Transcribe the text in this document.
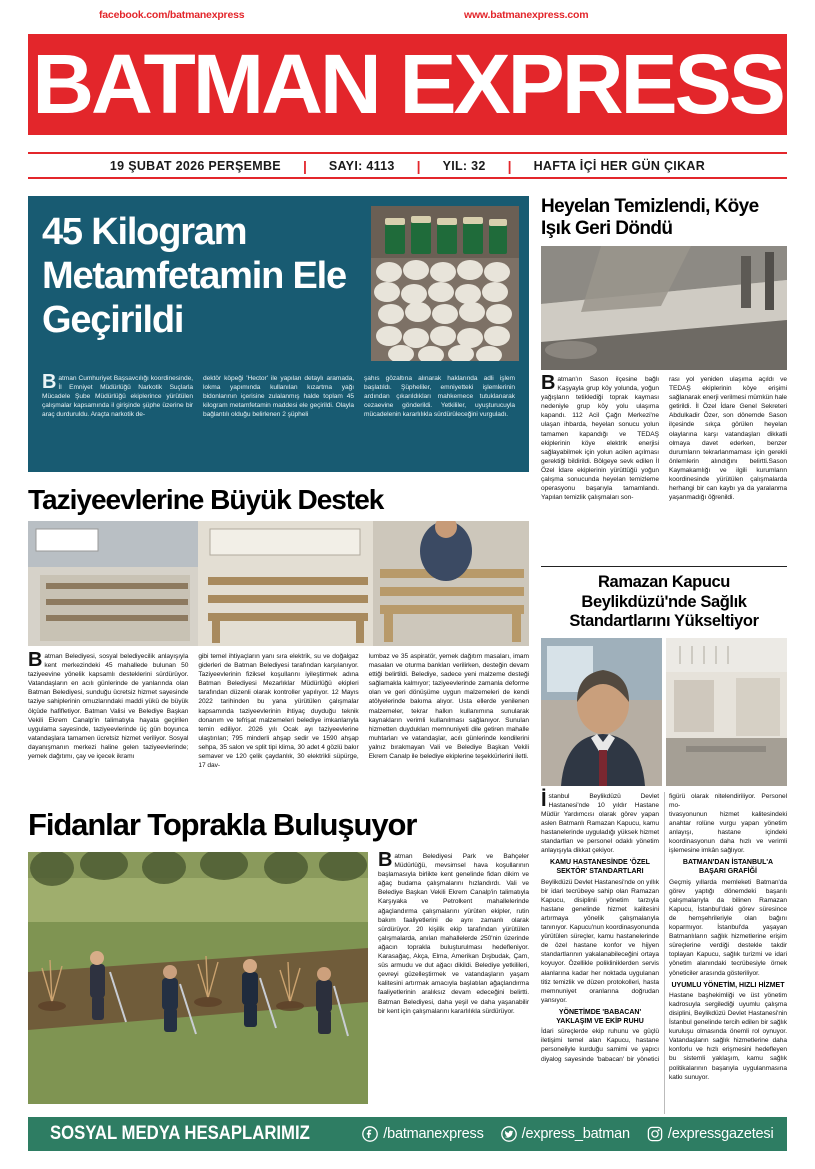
BATMAN EXPRESS
facebook.com/batmanexpress	www.batmanexpress.com
19 ŞUBAT 2026 PERŞEMBE	|	SAYI: 4113	|	YIL: 32	|	HAFTA İÇİ HER GÜN ÇIKAR
45 Kilogram Metamfetamin Ele Geçirildi

Batman Cumhuriyet Başsavcılığı koordinesinde, İl Emniyet Müdürlüğü Narkotik Suçlarla Mücadele Şube Müdürlüğü ekiplerince yürütülen çalışmalar kapsamında il girişinde şüphe üzerine bir araç durduruldu. Araçta narkotik de-

dektör köpeği 'Hector' ile yapılan detaylı aramada, lokma yapımında kullanılan kızartma yağı bidonlarının içerisine zulalanmış halde toplam 45 kilogram metamfetamin maddesi ele geçirildi. Olayla bağlantılı olduğu belirlenen 2 şüpheli

şahıs gözaltına alınarak haklarında adli işlem başlatıldı. Şüpheliler, emniyetteki işlemlerinin ardından çıkarıldıkları mahkemece tutuklanarak cezaevine gönderildi. Yetkililer, uyuşturucuyla mücadelenin kararlılıkla sürdürüleceğini vurguladı.

Heyelan Temizlendi, Köye Işık Geri Döndü

Batman'ın Sason ilçesine bağlı Kaşyayla grup köy yolunda, yoğun yağışların tetiklediği toprak kayması nedeniyle grup köy yolu ulaşıma kapandı. 112 Acil Çağrı Merkezi'ne ulaşan ihbarda, heyelan sonucu yolun tamamen kapandığı ve TEDAŞ ekiplerinin köye elektrik enerjisi sağlayabilmek için yolun acilen açılması gerektiği bildirildi. Bölgeye sevk edilen İl Özel İdare ekiplerinin yürüttüğü yoğun çalışma sonucunda heyelan temizleme operasyonu başarıyla tamamlandı. Yapılan temizlik çalışmaları son-

rası yol yeniden ulaşıma açıldı ve TEDAŞ ekiplerinin köye erişimi sağlanarak enerji verilmesi mümkün hale getirildi. İl Özel İdare Genel Sekreteri Abdulkadir Özer, son dönemde Sason ilçesinde sıkça görülen heyelan olaylarına karşı vatandaşları dikkatli olmaya davet ederken, benzer durumların tekrarlanmaması için gerekli önlemlerin alındığını belirtti.Sason Kaymakamlığı ve ilgili kurumların koordinesinde yürütülen çalışmalarda herhangi bir can kaybı ya da yaralanma yaşanmadığı öğrenildi.

Taziyeevlerine Büyük Destek

Batman Belediyesi, sosyal belediyecilik anlayışıyla kent merkezindeki 45 mahallede bulunan 50 taziyeevine yönelik kapsamlı desteklerini sürdürüyor. Vatandaşların en acılı günlerinde de yanlarında olan Batman Belediyesi, sunduğu ücretsiz hizmet sayesinde taziye sahiplerinin omuzlarındaki maddi yükü de büyük ölçüde hafifletiyor. Batman Valisi ve Belediye Başkan Vekili Ekrem Canalp'in talimatıyla hayata geçirilen uygulama sayesinde, taziyeevlerinde üç gün boyunca vatandaşlara tamamen ücretsiz hizmet veriliyor. Sosyal dayanışmanın merkezi haline gelen taziyeevlerinde; yemek dağıtımı, çay ve içecek ikramı

gibi temel ihtiyaçların yanı sıra elektrik, su ve doğalgaz giderleri de Batman Belediyesi tarafından karşılanıyor. Taziyeevlerinin fiziksel koşullarını iyileştirmek adına Batman Belediyesi Mezarlıklar Müdürlüğü ekipleri tarafından düzenli olarak kontroller yapılıyor. 12 Mayıs 2022 tarihinden bu yana yürütülen çalışmalar kapsamında taziyeevlerinin ihtiyaç duyduğu teknik donanım ve tefrişat malzemeleri belediye imkanlarıyla temin ediliyor. 2026 yılı Ocak ayı taziyeevlerine ulaştırılan; 795 minderli ahşap sedir ve 1590 ahşap sehpa, 35 salon ve split tipi klima, 30 adet 4 gözlü bakır semaver ve 120 çelik çaydanlık, 30 elektrikli süpürge, 17 dav-

lumbaz ve 35 aspiratör, yemek dağıtım masaları, imam masaları ve oturma bankları verilirken, desteğin devam ettiği belirtildi. Belediye, sadece yeni malzeme desteği sağlamakla kalmıyor; taziyeevlerinde zamanla deforme olan ve geri dönüşüme uygun malzemeleri de kendi atölyelerinde bakıma alıyor. Usta ellerde yenilenen malzemeler, tekrar halkın kullanımına sunularak kaynakların verimli kullanılması sağlanıyor. Sunulan hizmetten duydukları memnuniyeti dile getiren mahalle muhtarları ve vatandaşlar, acılı günlerinde kendilerini yalnız bırakmayan Vali ve Belediye Başkan Vekili Ekrem Canalp ile belediye ekiplerine teşekkürlerini iletti.

Fidanlar Toprakla Buluşuyor

Batman Belediyesi Park ve Bahçeler Müdürlüğü, mevsimsel hava koşullarının başlamasıyla birlikte kent genelinde fidan dikim ve ağaç budama çalışmalarını hızlandırdı. Vali ve Belediye Başkan Vekili Ekrem Canalp'in talimatıyla Karşıyaka ve Petrolkent mahallelerinde ağaçlandırma çalışmalarını yürüten ekipler, rutin bakım faaliyetlerini de aynı zamanlı olarak sürdürüyor. 20 kişilik ekip tarafından yürütülen çalışmalarda, anılan mahallelerde 250'nin üzerinde ağacın toprakla buluşturulması hedefleniyor. Karasağaç, Akça, Elma, Amerikan Dışbudak, Çam, süs armudu ve dut ağacı dikildi. Belediye yetkilileri, çevreyi güzelleştirmek ve vatandaşların yaşam kalitesini artırmak amacıyla başlatılan ağaçlandırma faaliyetlerinin aralıksız devam edeceğini belirtti. Batman Belediyesi, daha yeşil ve daha yaşanabilir bir kent için çalışmalarını kararlılıkla sürdürüyor.

Ramazan Kapucu Beylikdüzü'nde Sağlık Standartlarını Yükseltiyor

İstanbul Beylikdüzü Devlet Hastanesi'nde 10 yıldır Hastane Müdür Yardımcısı olarak görev yapan aslen Batmanlı Ramazan Kapucu, kamu hastanelerinde uyguladığı yüksek hizmet standartları ve personel odaklı yönetim anlayışıyla dikkat çekiyor.

KAMU HASTANESİNDE 'ÖZEL SEKTÖR' STANDARTLARI

Beylikdüzü Devlet Hastanesi'nde on yıllık bir idari tecrübeye sahip olan Ramazan Kapucu, disiplinli yönetim tarzıyla hastane genelinde hizmet kalitesini artırmaya yönelik çalışmalarıyla tanınıyor. Kapucu'nun koordinasyonunda yürütülen süreçler, kamu hastanelerinde de özel hastane konfor ve hijyen standartlarının yakalanabileceğini ortaya koyuyor. Özellikle polikliniklerden servis alanlarına kadar her noktada uygulanan titiz temizlik ve düzen protokolleri, hasta memnuniyet oranlarına doğrudan yansıyor.

YÖNETİMDE 'BABACAN' YAKLAŞIM VE EKİP RUHU

İdari süreçlerde ekip ruhunu ve güçlü iletişimi temel alan Kapucu, hastane personeliyle kurduğu samimi ve yapıcı diyalog sayesinde 'babacan' bir yönetici figürü olarak nitelendiriliyor. Personel mo-

tivasyonunun hizmet kalitesindeki anahtar rolüne vurgu yapan yönetim anlayışı, hastane içindeki koordinasyonun daha hızlı ve verimli işlemesine imkân sağlıyor.

BATMAN'DAN İSTANBUL'A BAŞARI GRAFİĞİ

Geçmiş yıllarda memleketi Batman'da görev yaptığı dönemdeki başarılı çalışmalarıyla da bilinen Ramazan Kapucu, İstanbul'daki görev süresince de hemşehrileriyle olan bağını koparmıyor. İstanbul'da yaşayan Batmanlıların sağlık hizmetlerine erişim süreçlerine verdiği destekle takdir toplayan Kapucu, sağlık turizmi ve idari yönetim alanındaki tecrübesiyle örnek yöneticiler arasında gösteriliyor.

UYUMLU YÖNETİM, HIZLI HİZMET

Hastane başhekimliği ve üst yönetim kadrosuyla sergilediği uyumlu çalışma disiplini, Beylikdüzü Devlet Hastanesi'nin İstanbul genelinde tercih edilen bir sağlık kuruluşu olmasında önemli rol oynuyor. Vatandaşların sağlık hizmetlerine daha konforlu ve hızlı erişmesini hedefleyen bu sistemli yaklaşım, kamu sağlık politikalarının başarıyla uygulanmasına katkı sunuyor.

SOSYAL MEDYA HESAPLARIMIZ	/batmanexpress	/express_batman	/expressgazetesi
